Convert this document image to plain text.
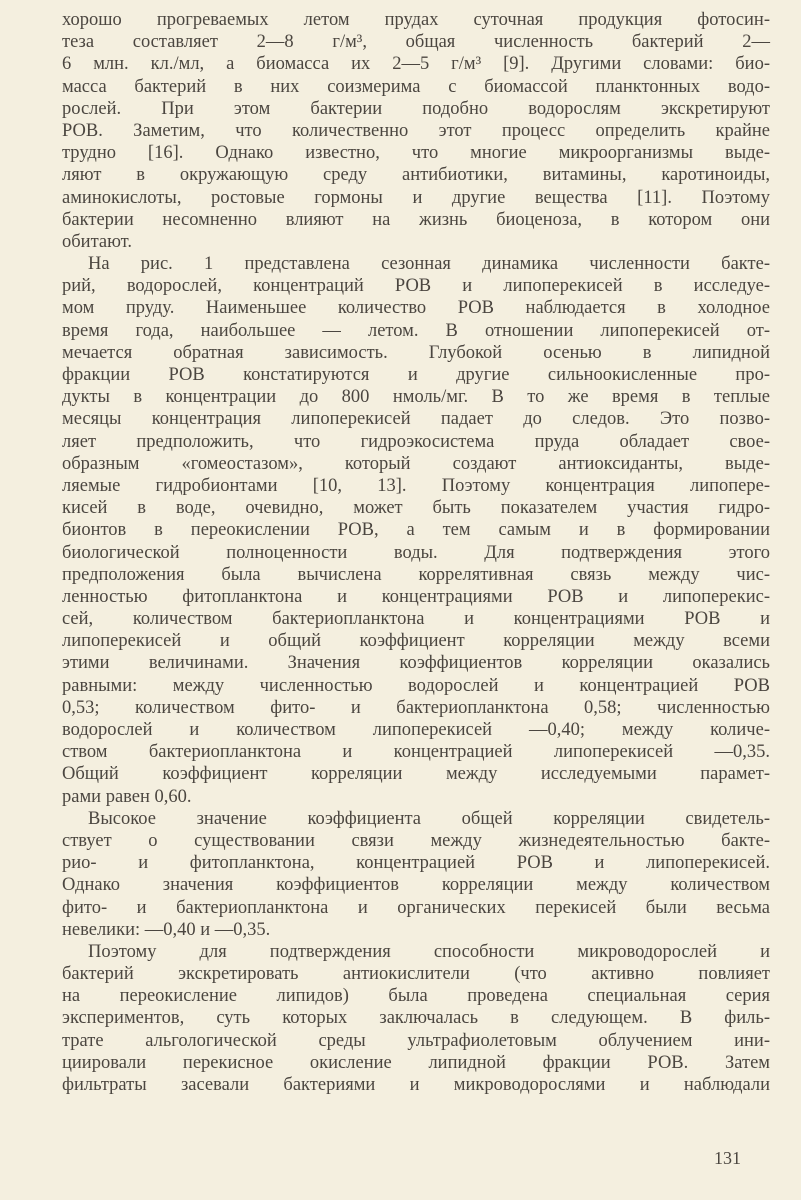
хорошо прогреваемых летом прудах суточная продукция фотосин-
теза составляет 2—8 г/м³, общая численность бактерий 2—
6 млн. кл./мл, а биомасса их 2—5 г/м³ [9]. Другими словами: био-
масса бактерий в них соизмерима с биомассой планктонных водо-
рослей. При этом бактерии подобно водорослям экскретируют
РОВ. Заметим, что количественно этот процесс определить крайне
трудно [16]. Однако известно, что многие микроорганизмы выде-
ляют в окружающую среду антибиотики, витамины, каротиноиды,
аминокислоты, ростовые гормоны и другие вещества [11]. Поэтому
бактерии несомненно влияют на жизнь биоценоза, в котором они
обитают.
На рис. 1 представлена сезонная динамика численности бакте-
рий, водорослей, концентраций РОВ и липоперекисей в исследуе-
мом пруду. Наименьшее количество РОВ наблюдается в холодное
время года, наибольшее — летом. В отношении липоперекисей от-
мечается обратная зависимость. Глубокой осенью в липидной
фракции РОВ констатируются и другие сильноокисленные про-
дукты в концентрации до 800 нмоль/мг. В то же время в теплые
месяцы концентрация липоперекисей падает до следов. Это позво-
ляет предположить, что гидроэкосистема пруда обладает свое-
образным «гомеостазом», который создают антиоксиданты, выде-
ляемые гидробионтами [10, 13]. Поэтому концентрация липопере-
кисей в воде, очевидно, может быть показателем участия гидро-
бионтов в переокислении РОВ, а тем самым и в формировании
биологической полноценности воды. Для подтверждения этого
предположения была вычислена коррелятивная связь между чис-
ленностью фитопланктона и концентрациями РОВ и липоперекис-
сей, количеством бактериопланктона и концентрациями РОВ и
липоперекисей и общий коэффициент корреляции между всеми
этими величинами. Значения коэффициентов корреляции оказались
равными: между численностью водорослей и концентрацией РОВ
0,53; количеством фито- и бактериопланктона 0,58; численностью
водорослей и количеством липоперекисей —0,40; между количе-
ством бактериопланктона и концентрацией липоперекисей —0,35.
Общий коэффициент корреляции между исследуемыми парамет-
рами равен 0,60.
Высокое значение коэффициента общей корреляции свидетель-
ствует о существовании связи между жизнедеятельностью бакте-
рио- и фитопланктона, концентрацией РОВ и липоперекисей.
Однако значения коэффициентов корреляции между количеством
фито- и бактериопланктона и органических перекисей были весьма
невелики: —0,40 и —0,35.
Поэтому для подтверждения способности микроводорослей и
бактерий экскретировать антиокислители (что активно повлияет
на переокисление липидов) была проведена специальная серия
экспериментов, суть которых заключалась в следующем. В филь-
трате альгологической среды ультрафиолетовым облучением ини-
циировали перекисное окисление липидной фракции РОВ. Затем
фильтраты засевали бактериями и микроводорослями и наблюдали
131
